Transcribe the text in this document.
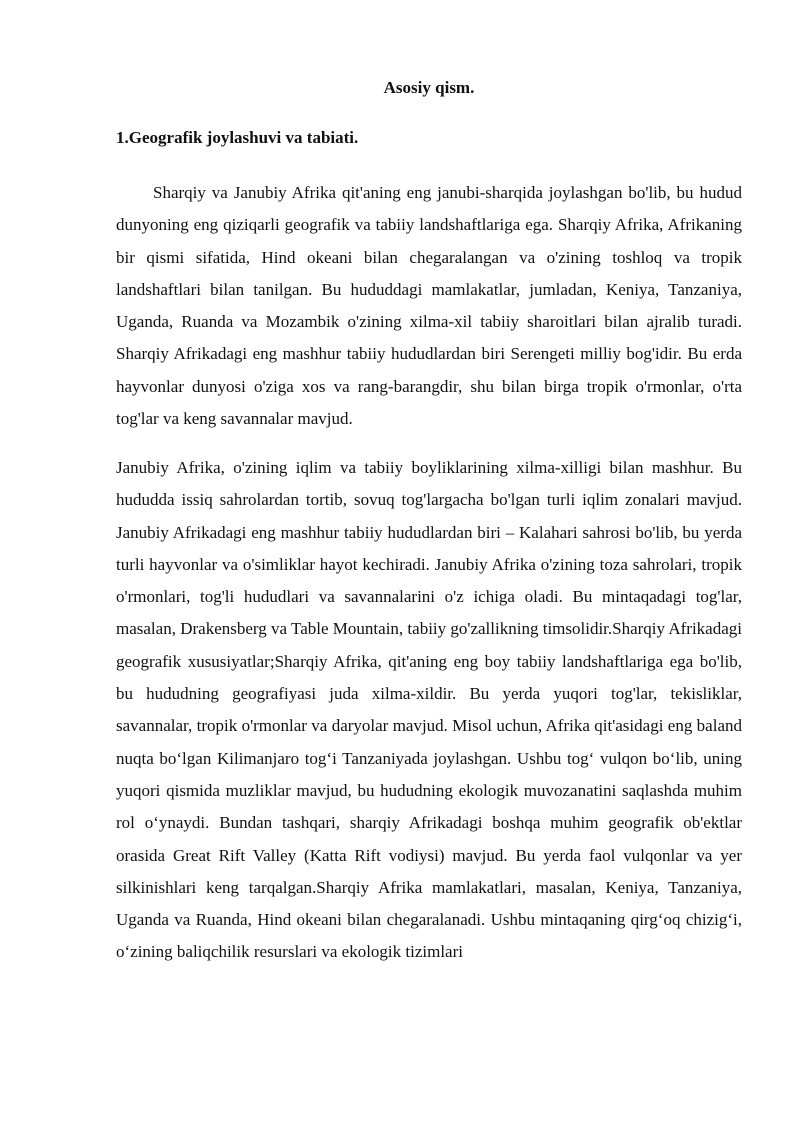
Asosiy qism.
1.Geografik joylashuvi va tabiati.

Sharqiy va Janubiy Afrika qit'aning eng janubi-sharqida joylashgan bo'lib, bu hudud dunyoning eng qiziqarli geografik va tabiiy landshaftlariga ega. Sharqiy Afrika, Afrikaning bir qismi sifatida, Hind okeani bilan chegaralangan va o'zining toshloq va tropik landshaftlari bilan tanilgan. Bu hududdagi mamlakatlar, jumladan, Keniya, Tanzaniya, Uganda, Ruanda va Mozambik o'zining xilma-xil tabiiy sharoitlari bilan ajralib turadi. Sharqiy Afrikadagi eng mashhur tabiiy hududlardan biri Serengeti milliy bog'idir. Bu erda hayvonlar dunyosi o'ziga xos va rang-barangdir, shu bilan birga tropik o'rmonlar, o'rta tog'lar va keng savannalar mavjud.

Janubiy Afrika, o'zining iqlim va tabiiy boyliklarining xilma-xilligi bilan mashhur. Bu hududda issiq sahrolardan tortib, sovuq tog'largacha bo'lgan turli iqlim zonalari mavjud. Janubiy Afrikadagi eng mashhur tabiiy hududlardan biri – Kalahari sahrosi bo'lib, bu yerda turli hayvonlar va o'simliklar hayot kechiradi. Janubiy Afrika o'zining toza sahrolari, tropik o'rmonlari, tog'li hududlari va savannalarini o'z ichiga oladi. Bu mintaqadagi tog'lar, masalan, Drakensberg va Table Mountain, tabiiy go'zallikning timsolidir.Sharqiy Afrikadagi geografik xususiyatlar;Sharqiy Afrika, qit'aning eng boy tabiiy landshaftlariga ega bo'lib, bu hududning geografiyasi juda xilma-xildir. Bu yerda yuqori tog'lar, tekisliklar, savannalar, tropik o'rmonlar va daryolar mavjud. Misol uchun, Afrika qit'asidagi eng baland nuqta bo‘lgan Kilimanjaro tog‘i Tanzaniyada joylashgan. Ushbu tog‘ vulqon bo‘lib, uning yuqori qismida muzliklar mavjud, bu hududning ekologik muvozanatini saqlashda muhim rol o‘ynaydi. Bundan tashqari, sharqiy Afrikadagi boshqa muhim geografik ob'ektlar orasida Great Rift Valley (Katta Rift vodiysi) mavjud. Bu yerda faol vulqonlar va yer silkinishlari keng tarqalgan.Sharqiy Afrika mamlakatlari, masalan, Keniya, Tanzaniya, Uganda va Ruanda, Hind okeani bilan chegaralanadi. Ushbu mintaqaning qirg‘oq chizig‘i, o‘zining baliqchilik resurslari va ekologik tizimlari
